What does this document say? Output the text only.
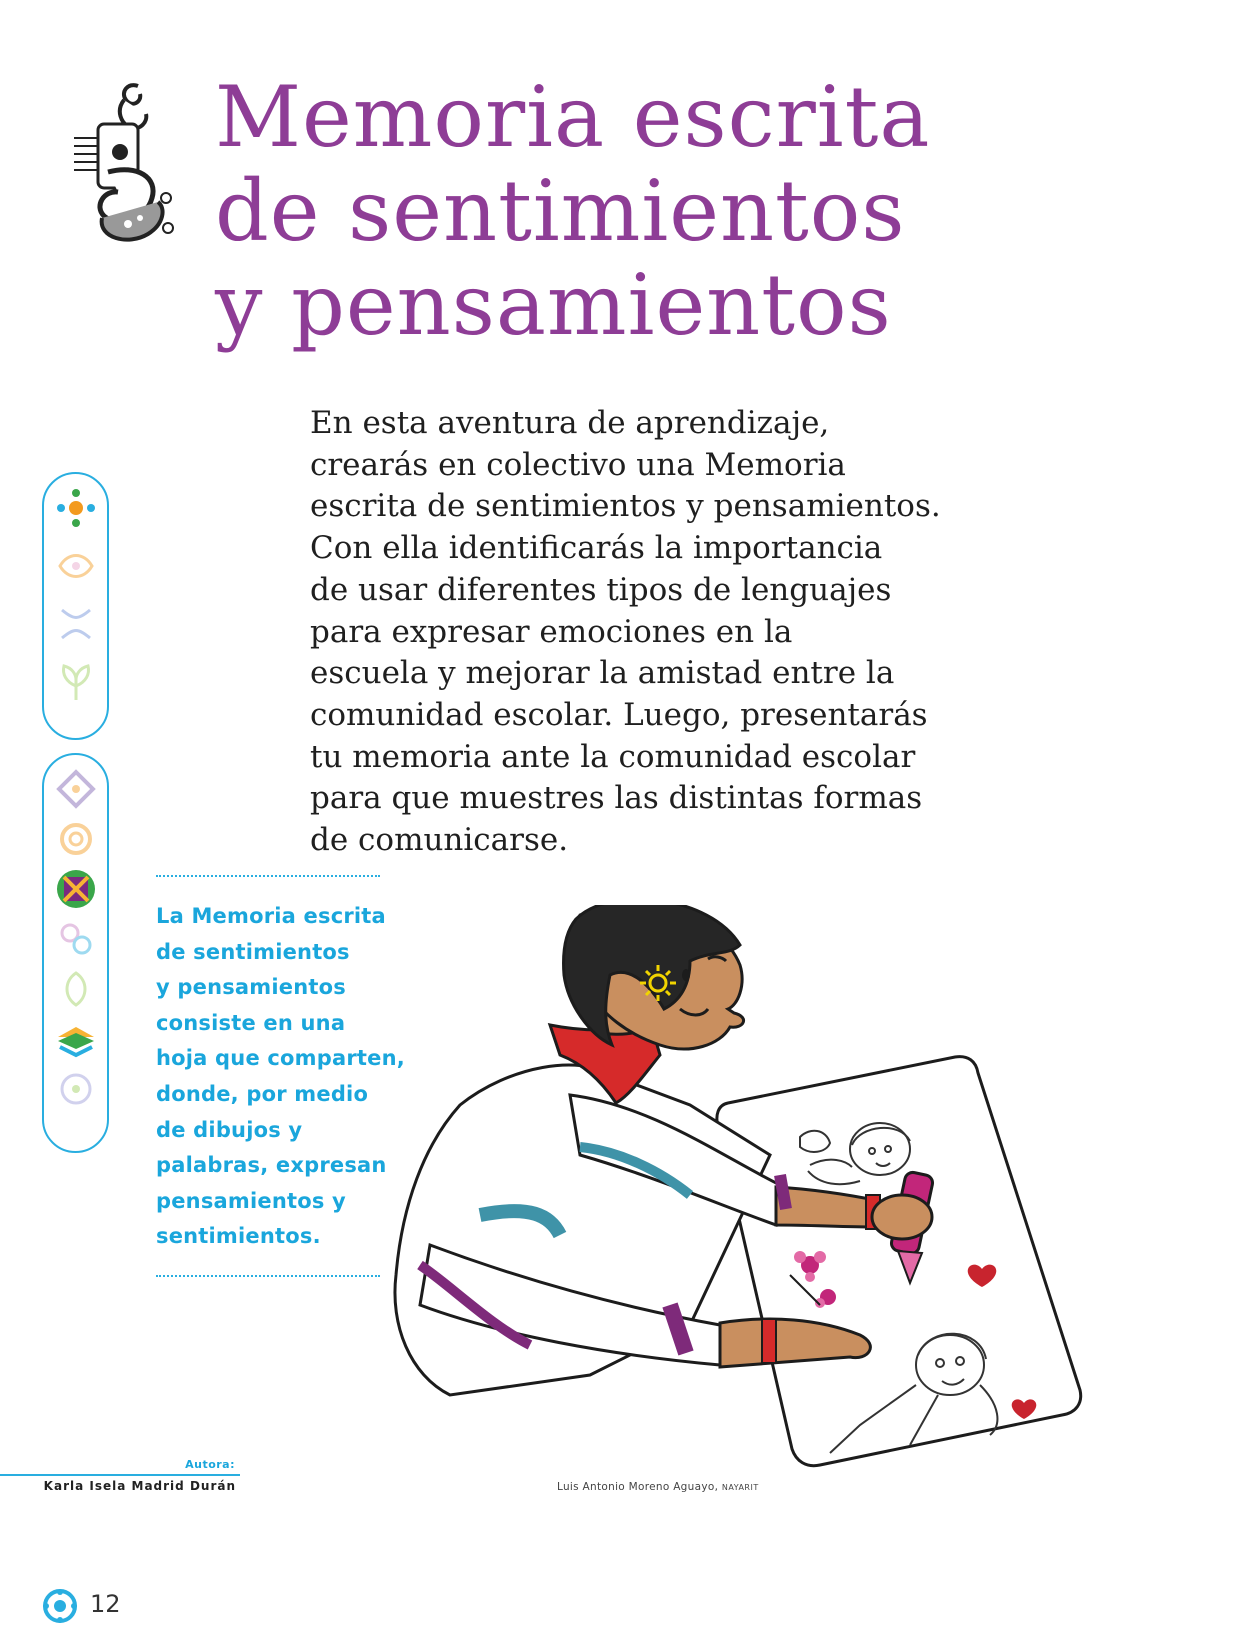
Memoria escrita
de sentimientos
y pensamientos
En esta aventura de aprendizaje,
crearás en colectivo una Memoria
escrita de sentimientos y pensamientos.
Con ella identificarás la importancia
de usar diferentes tipos de lenguajes
para expresar emociones en la
escuela y mejorar la amistad entre la
comunidad escolar. Luego, presentarás
tu memoria ante la comunidad escolar
para que muestres las distintas formas
de comunicarse.
La Memoria escrita
de sentimientos
y pensamientos
consiste en una
hoja que comparten,
donde, por medio
de dibujos y
palabras, expresan
pensamientos y
sentimientos.
Autora:
Karla Isela Madrid Durán	Luis Antonio Moreno Aguayo, NAYARIT
12
